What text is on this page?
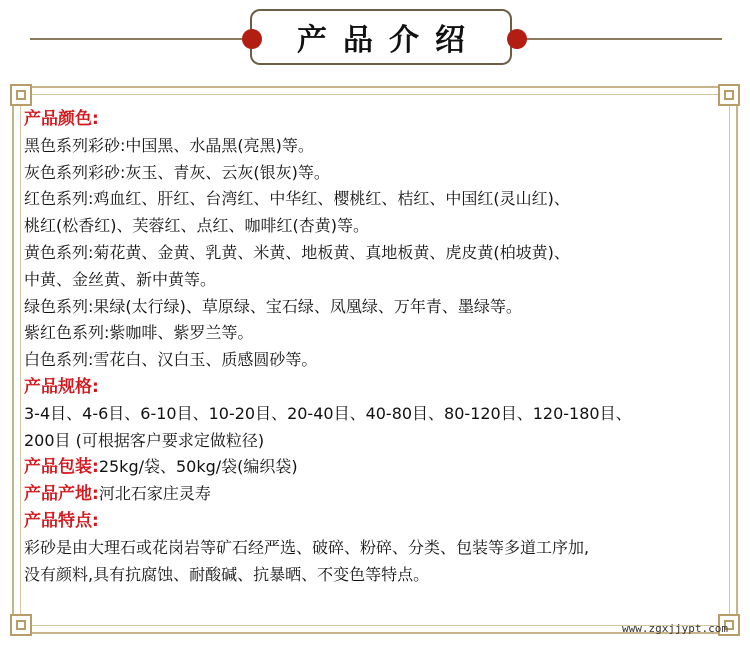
产品介绍
产品颜色:
黑色系列彩砂:中国黑、水晶黑(亮黑)等。
灰色系列彩砂:灰玉、青灰、云灰(银灰)等。
红色系列:鸡血红、肝红、台湾红、中华红、樱桃红、桔红、中国红(灵山红)、
桃红(松香红)、芙蓉红、点红、咖啡红(杏黄)等。
黄色系列:菊花黄、金黄、乳黄、米黄、地板黄、真地板黄、虎皮黄(柏坡黄)、
中黄、金丝黄、新中黄等。
绿色系列:果绿(太行绿)、草原绿、宝石绿、凤凰绿、万年青、墨绿等。
紫红色系列:紫咖啡、紫罗兰等。
白色系列:雪花白、汉白玉、质感圆砂等。
产品规格:
3-4目、4-6目、6-10目、10-20目、20-40目、40-80目、80-120目、120-180目、
200目 (可根据客户要求定做粒径)
产品包装:25kg/袋、50kg/袋(编织袋)
产品产地:河北石家庄灵寿
产品特点:
彩砂是由大理石或花岗岩等矿石经严选、破碎、粉碎、分类、包装等多道工序加,
没有颜料,具有抗腐蚀、耐酸碱、抗暴晒、不变色等特点。
www.zgxjjypt.com
